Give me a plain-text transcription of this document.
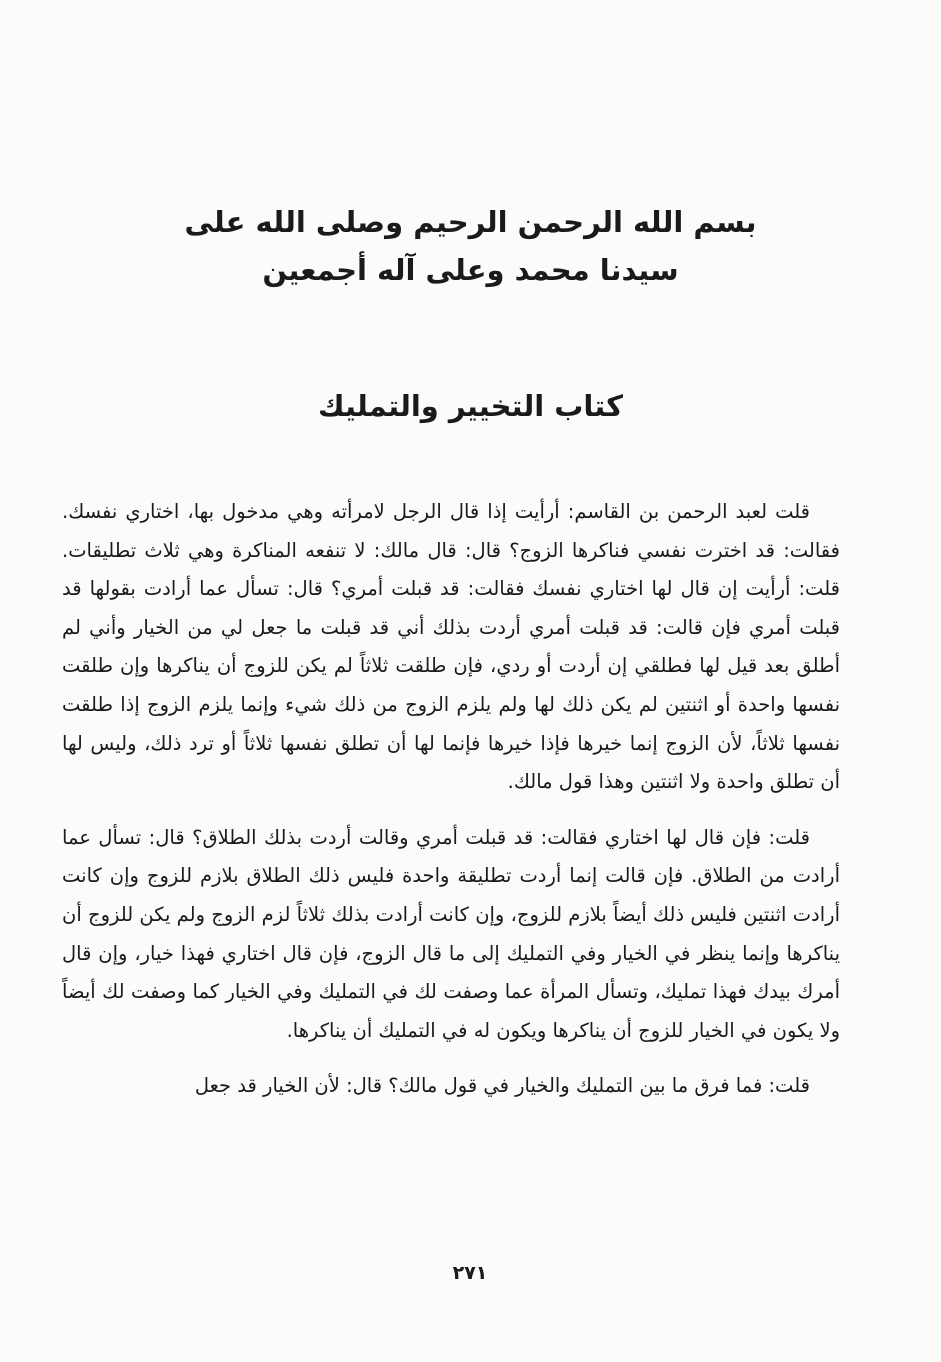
بسم الله الرحمن الرحيم وصلى الله على
سيدنا محمد وعلى آله أجمعين
كتاب التخيير والتمليك

قلت لعبد الرحمن بن القاسم: أرأيت إذا قال الرجل لامرأته وهي مدخول بها، اختاري نفسك. فقالت: قد اخترت نفسي فناكرها الزوج؟ قال: قال مالك: لا تنفعه المناكرة وهي ثلاث تطليقات. قلت: أرأيت إن قال لها اختاري نفسك فقالت: قد قبلت أمري؟ قال: تسأل عما أرادت بقولها قد قبلت أمري فإن قالت: قد قبلت أمري أردت بذلك أني قد قبلت ما جعل لي من الخيار وأني لم أطلق بعد قيل لها فطلقي إن أردت أو ردي، فإن طلقت ثلاثاً لم يكن للزوج أن يناكرها وإن طلقت نفسها واحدة أو اثنتين لم يكن ذلك لها ولم يلزم الزوج من ذلك شيء وإنما يلزم الزوج إذا طلقت نفسها ثلاثاً، لأن الزوج إنما خيرها فإذا خيرها فإنما لها أن تطلق نفسها ثلاثاً أو ترد ذلك، وليس لها أن تطلق واحدة ولا اثنتين وهذا قول مالك.

قلت: فإن قال لها اختاري فقالت: قد قبلت أمري وقالت أردت بذلك الطلاق؟ قال: تسأل عما أرادت من الطلاق. فإن قالت إنما أردت تطليقة واحدة فليس ذلك الطلاق بلازم للزوج وإن كانت أرادت اثنتين فليس ذلك أيضاً بلازم للزوج، وإن كانت أرادت بذلك ثلاثاً لزم الزوج ولم يكن للزوج أن يناكرها وإنما ينظر في الخيار وفي التمليك إلى ما قال الزوج، فإن قال اختاري فهذا خيار، وإن قال أمرك بيدك فهذا تمليك، وتسأل المرأة عما وصفت لك في التمليك وفي الخيار كما وصفت لك أيضاً ولا يكون في الخيار للزوج أن يناكرها ويكون له في التمليك أن يناكرها.

قلت: فما فرق ما بين التمليك والخيار في قول مالك؟ قال: لأن الخيار قد جعل

٢٧١
